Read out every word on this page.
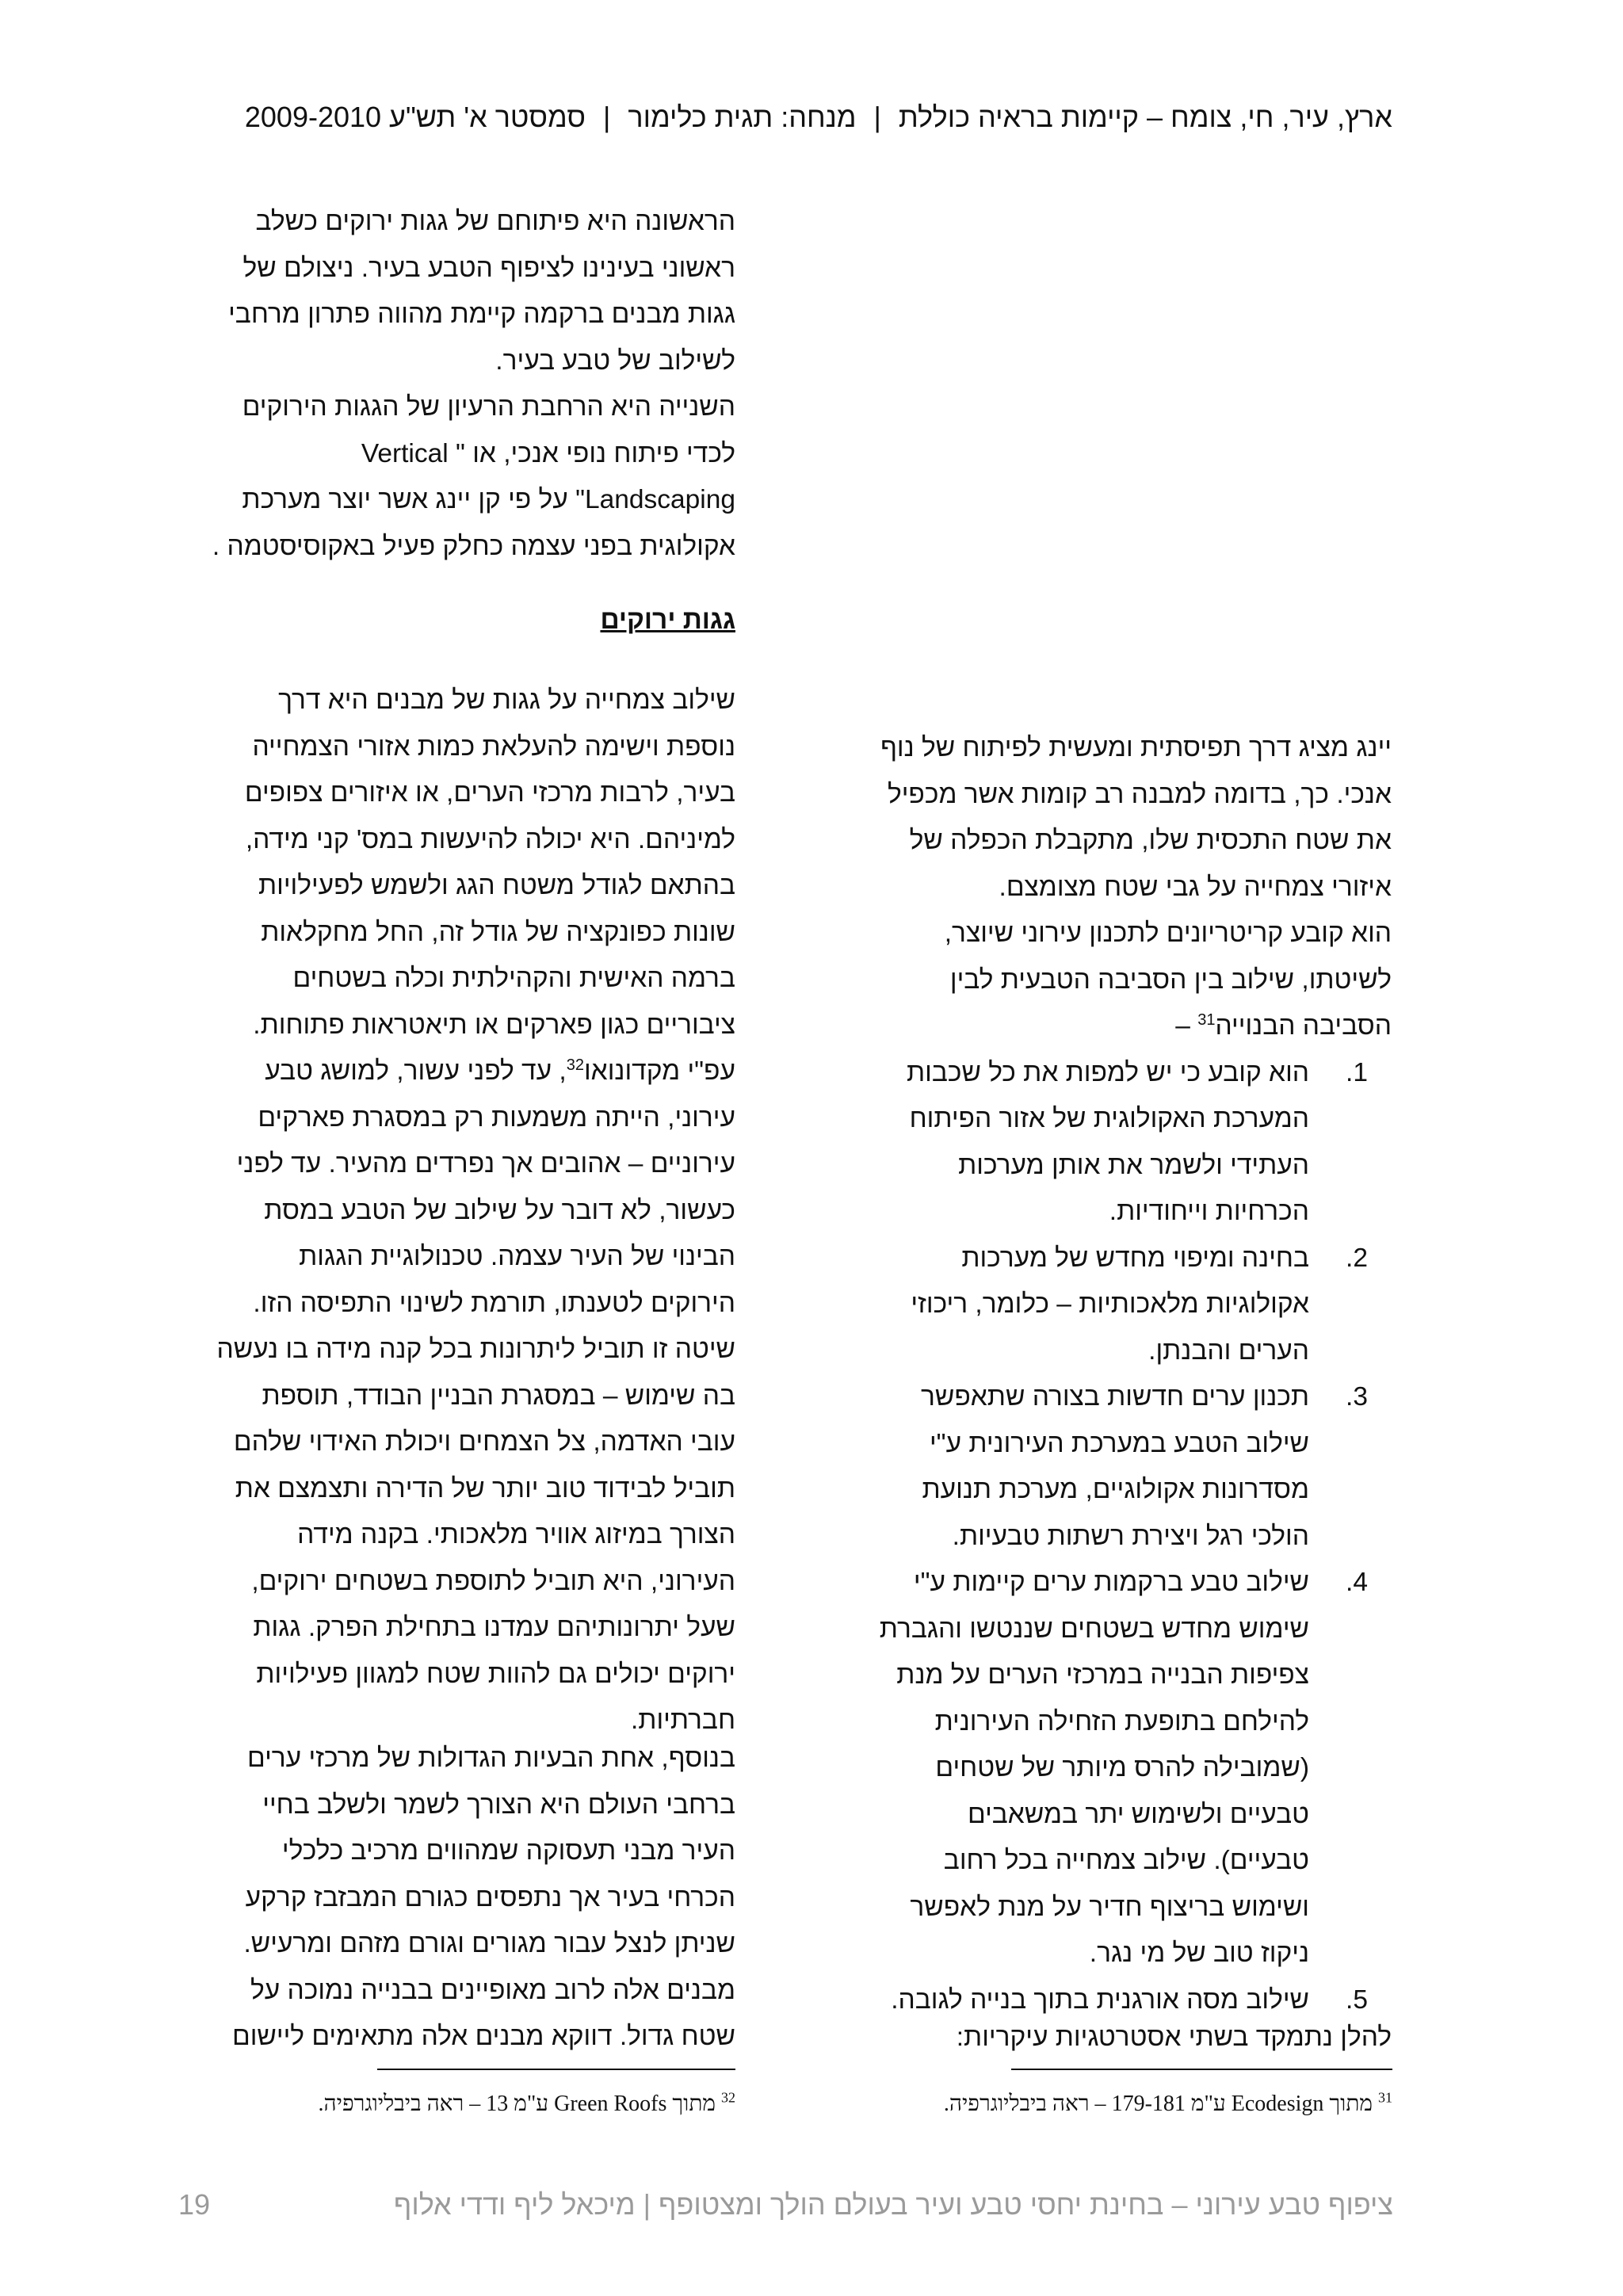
ארץ, עיר, חי, צומח – קיימות בראיה כוללת|מנחה: תגית כלימור|סמסטר א' תש"ע 2009-2010

הראשונה היא פיתוחם של גגות ירוקים כשלב

ראשוני בעינינו לציפוף הטבע בעיר. ניצולם של

גגות מבנים ברקמה קיימת מהווה פתרון מרחבי

לשילוב של טבע בעיר.

השנייה היא הרחבת הרעיון של הגגות הירוקים

לכדי פיתוח נופי אנכי, או " Vertical

Landscaping" על פי קן יינג אשר יוצר מערכת

אקולוגית בפני עצמה כחלק פעיל באקוסיסטמה .

גגות ירוקים

שילוב צמחייה על גגות של מבנים היא דרך

נוספת וישימה להעלאת כמות אזורי הצמחייה

בעיר, לרבות מרכזי הערים, או איזורים צפופים

למיניהם. היא יכולה להיעשות במס' קני מידה,

בהתאם לגודל משטח הגג ולשמש לפעילויות

שונות כפונקציה של גודל זה, החל מחקלאות

ברמה האישית והקהילתית וכלה בשטחים

ציבוריים כגון פארקים או תיאטראות פתוחות.

עפ"י מקדונואו$^{32}$, עד לפני עשור, למושג טבע

עירוני, הייתה משמעות רק במסגרת פארקים

עירוניים – אהובים אך נפרדים מהעיר. עד לפני

כעשור, לא דובר על שילוב של הטבע במסת

הבינוי של העיר עצמה. טכנולוגיית הגגות

הירוקים לטענתו, תורמת לשינוי התפיסה הזו.

שיטה זו תוביל ליתרונות בכל קנה מידה בו נעשה

בה שימוש – במסגרת הבניין הבודד, תוספת

עובי האדמה, צל הצמחים ויכולת האידוי שלהם

תוביל לבידוד טוב יותר של הדירה ותצמצם את

הצורך במיזוג אוויר מלאכותי. בקנה מידה

העירוני, היא תוביל לתוספת בשטחים ירוקים,

שעל יתרונותיהם עמדנו בתחילת הפרק. גגות

ירוקים יכולים גם להוות שטח למגוון פעילויות

חברתיות.

בנוסף, אחת הבעיות הגדולות של מרכזי ערים

ברחבי העולם היא הצורך לשמר ולשלב בחיי

העיר מבני תעסוקה שמהווים מרכיב כלכלי

הכרחי בעיר אך נתפסים כגורם המבזבז קרקע

שניתן לנצל עבור מגורים וגורם מזהם ומרעיש.

מבנים אלה לרוב מאופיינים בבנייה נמוכה על

שטח גדול. דווקא מבנים אלה מתאימים ליישום

יינג מציג דרך תפיסתית ומעשית לפיתוח של נוף

אנכי. כך, בדומה למבנה רב קומות אשר מכפיל

את שטח התכסית שלו, מתקבלת הכפלה של

איזורי צמחייה על גבי שטח מצומצם.

הוא קובע קריטריונים לתכנון עירוני שיוצר,

לשיטתו, שילוב בין הסביבה הטבעית לבין

הסביבה הבנוייה$^{31}$ –

1.

הוא קובע כי יש למפות את כל שכבות

המערכת האקולוגית של אזור הפיתוח

העתידי ולשמר את אותן מערכות

הכרחיות וייחודיות.

2.

בחינה ומיפוי מחדש של מערכות

אקולוגיות מלאכותיות – כלומר, ריכוזי

הערים והבנתן.

3.

תכנון ערים חדשות בצורה שתאפשר

שילוב הטבע במערכת העירונית ע"י

מסדרונות אקולוגיים, מערכת תנועת

הולכי רגל ויצירת רשתות טבעיות.

4.

שילוב טבע ברקמות ערים קיימות ע"י

שימוש מחדש בשטחים שננטשו והגברת

צפיפות הבנייה במרכזי הערים על מנת

להילחם בתופעת הזחילה העירונית

(שמובילה להרס מיותר של שטחים

טבעיים ולשימוש יתר במשאבים

טבעיים). שילוב צמחייה בכל רחוב

ושימוש בריצוף חדיר על מנת לאפשר

ניקוז טוב של מי נגר.

5.

שילוב מסה אורגנית בתוך בנייה לגובה.

להלן נתמקד בשתי אסטרטגיות עיקריות:

$^{32}$ מתוך Green Roofs ע"מ 13 – ראה ביבליוגרפיה.	$^{31}$ מתוך Ecodesign ע"מ 179-181 – ראה ביבליוגרפיה.
ציפוף טבע עירוני – בחינת יחסי טבע ועיר בעולם הולך ומצטופף | מיכאל ליף ודדי אלוף
19
